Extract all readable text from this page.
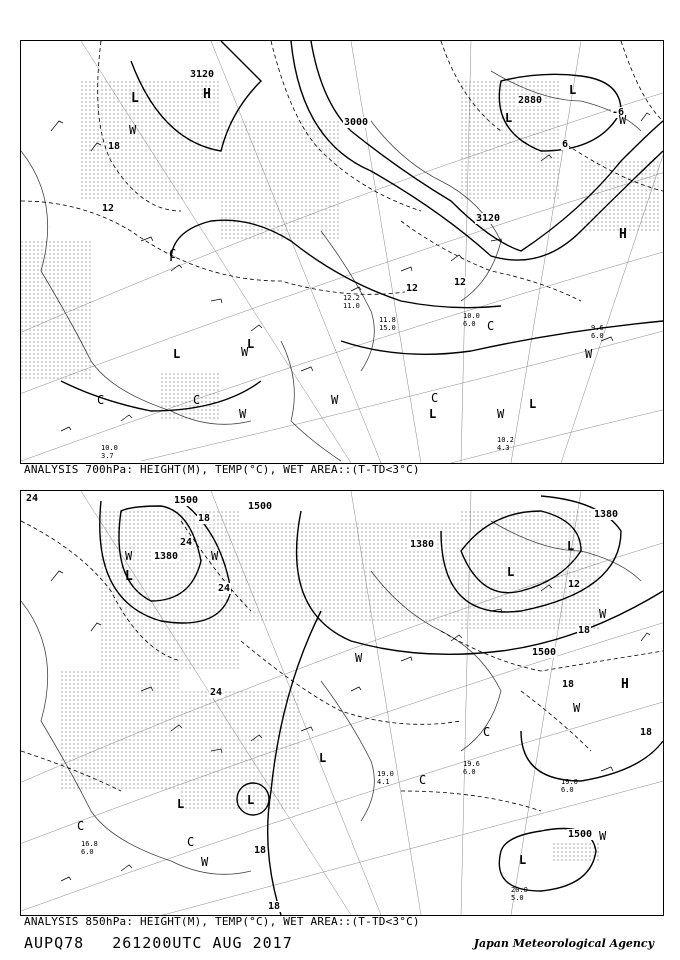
3120
3000
2880
3120
18
12
12
6
-6
12
H
L
L
L
H
L
L
L
L
W
C
C
W
C
W
W	C
W
W
W
C
10.2
4.3
9.6
6.0
10.0
6.0
11.8
15.0
12.2
11.0
10.0
3.7
ANALYSIS 700hPa: HEIGHT(M), TEMP(°C), WET AREA::(T-TD<3°C)
1500
1500
1380
1380
1380
1500
1500
24
18
24
24
24
18
12
18
18
18
18
L	L
L
H
L
L
L
L
W
W
W
C
C
C
W
W
W
C
W
19.6
6.0
19.0
6.0
20.0
5.0
19.0
4.1
16.8
6.0
ANALYSIS 850hPa: HEIGHT(M), TEMP(°C), WET AREA::(T-TD<3°C)
AUPQ78 261200UTC AUG 2017	Japan Meteorological Agency
